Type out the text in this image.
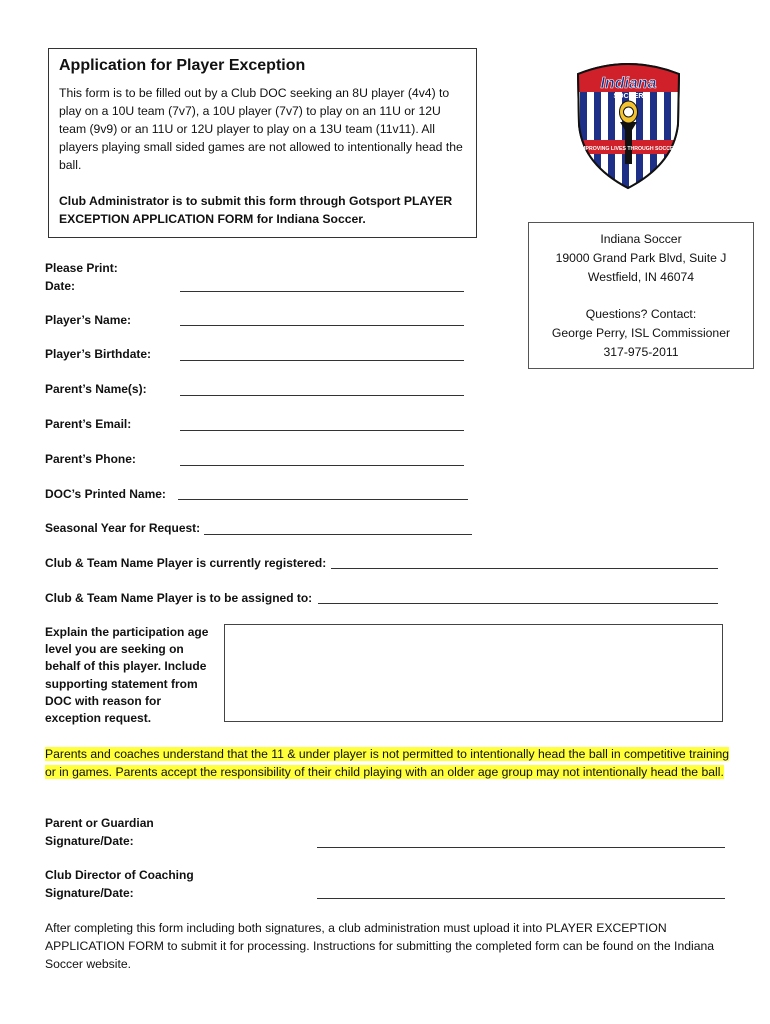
Application for Player Exception
This form is to be filled out by a Club DOC seeking an 8U player (4v4) to play on a 10U team (7v7), a 10U player (7v7) to play on an 11U or 12U team (9v9) or an 11U or 12U player to play on a 13U team (11v11). All players playing small sided games are not allowed to intentionally head the ball.
Club Administrator is to submit this form through Gotsport PLAYER EXCEPTION APPLICATION FORM for Indiana Soccer.
Indiana
SOCCER
IMPROVING LIVES THROUGH SOCCER
Indiana Soccer
19000 Grand Park Blvd, Suite J
Westfield, IN 46074
Questions? Contact:
George Perry, ISL Commissioner
317-975-2011
Please Print:
Date:
Player’s Name:
Player’s Birthdate:
Parent’s Name(s):
Parent’s Email:
Parent’s Phone:
DOC’s Printed Name:
Seasonal Year for Request:
Club & Team Name Player is currently registered:
Club & Team Name Player is to be assigned to:
Explain the participation age level you are seeking on behalf of this player. Include supporting statement from DOC with reason for exception request.
Parents and coaches understand that the 11 & under player is not permitted to intentionally head the ball in competitive training or in games. Parents accept the responsibility of their child playing with an older age group may not intentionally head the ball.
Parent or Guardian
Signature/Date:
Club Director of Coaching
Signature/Date:
After completing this form including both signatures, a club administration must upload it into PLAYER EXCEPTION APPLICATION FORM to submit it for processing. Instructions for submitting the completed form can be found on the Indiana Soccer website.
